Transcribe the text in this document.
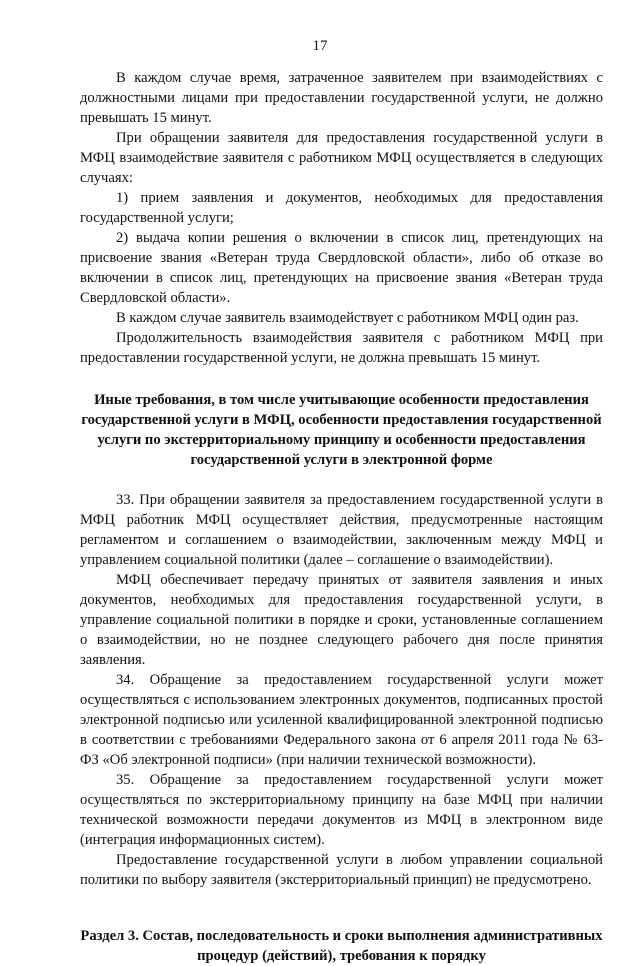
17

В каждом случае время, затраченное заявителем при взаимодействиях с должностными лицами при предоставлении государственной услуги, не должно превышать 15 минут.

При обращении заявителя для предоставления государственной услуги в МФЦ взаимодействие заявителя с работником МФЦ осуществляется в следующих случаях:

1) прием заявления и документов, необходимых для предоставления государственной услуги;

2) выдача копии решения о включении в список лиц, претендующих на присвоение звания «Ветеран труда Свердловской области», либо об отказе во включении в список лиц, претендующих на присвоение звания «Ветеран труда Свердловской области».

В каждом случае заявитель взаимодействует с работником МФЦ один раз.

Продолжительность взаимодействия заявителя с работником МФЦ при предоставлении государственной услуги, не должна превышать 15 минут.

Иные требования, в том числе учитывающие особенности предоставления государственной услуги в МФЦ, особенности предоставления государственной услуги по экстерриториальному принципу и особенности предоставления государственной услуги в электронной форме

33. При обращении заявителя за предоставлением государственной услуги в МФЦ работник МФЦ осуществляет действия, предусмотренные настоящим регламентом и соглашением о взаимодействии, заключенным между МФЦ и управлением социальной политики (далее – соглашение о взаимодействии).

МФЦ обеспечивает передачу принятых от заявителя заявления и иных документов, необходимых для предоставления государственной услуги, в управление социальной политики в порядке и сроки, установленные соглашением о взаимодействии, но не позднее следующего рабочего дня после принятия заявления.

34. Обращение за предоставлением государственной услуги может осуществляться с использованием электронных документов, подписанных простой электронной подписью или усиленной квалифицированной электронной подписью в соответствии с требованиями Федерального закона от 6 апреля 2011 года № 63-ФЗ «Об электронной подписи» (при наличии технической возможности).

35. Обращение за предоставлением государственной услуги может осуществляться по экстерриториальному принципу на базе МФЦ при наличии технической возможности передачи документов из МФЦ в электронном виде (интеграция информационных систем).

Предоставление государственной услуги в любом управлении социальной политики по выбору заявителя (экстерриториальный принцип) не предусмотрено.

Раздел 3. Состав, последовательность и сроки выполнения административных процедур (действий), требования к порядку
